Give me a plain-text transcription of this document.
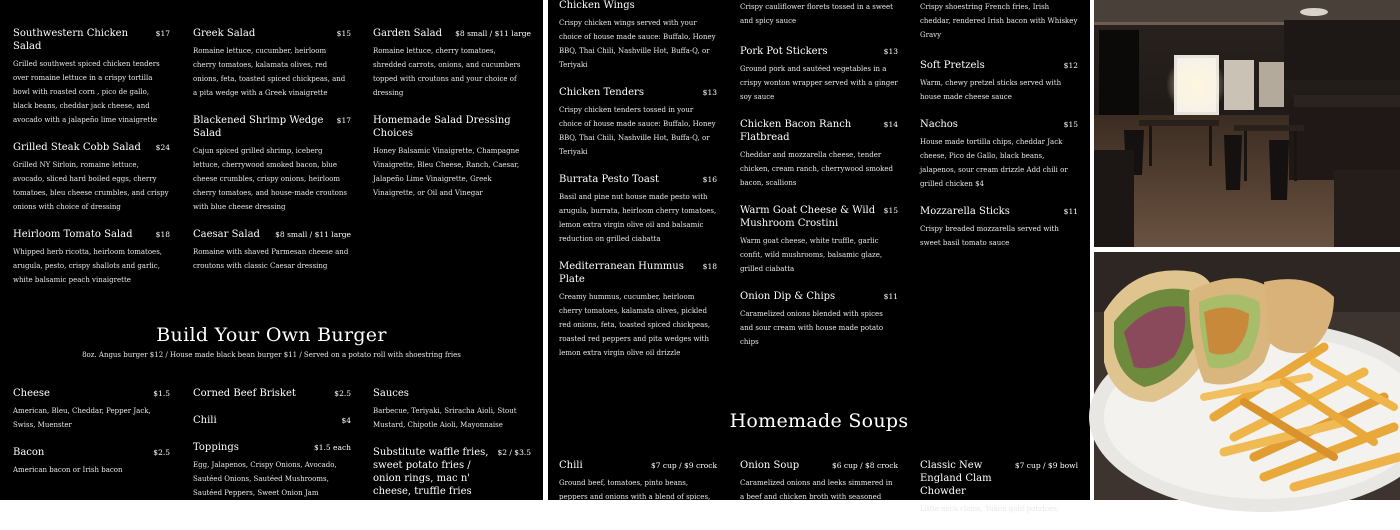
Southwestern Chicken Salad
$17
Grilled southwest spiced chicken tenders over romaine lettuce in a crispy tortilla bowl with roasted corn , pico de gallo, black beans, cheddar jack cheese, and avocado with a jalapeño lime vinaigrette
Grilled Steak Cobb Salad	$24
Grilled NY Sirloin, romaine lettuce, avocado, sliced hard boiled eggs, cherry tomatoes, bleu cheese crumbles, and crispy onions with choice of dressing
Heirloom Tomato Salad	$18
Whipped herb ricotta, heirloom tomatoes, arugula, pesto, crispy shallots and garlic, white balsamic peach vinaigrette
Greek Salad	$15
Romaine lettuce, cucumber, heirloom cherry tomatoes, kalamata olives, red onions, feta, toasted spiced chickpeas, and a pita wedge with a Greek vinaigrette
Blackened Shrimp Wedge Salad
$17
Cajun spiced grilled shrimp, iceberg lettuce, cherrywood smoked bacon, blue cheese crumbles, crispy onions, heirloom cherry tomatoes, and house-made croutons with blue cheese dressing
Caesar Salad	$8 small / $11 large
Romaine with shaved Parmesan cheese and croutons with classic Caesar dressing
Garden Salad	$8 small / $11 large
Romaine lettuce, cherry tomatoes, shredded carrots, onions, and cucumbers topped with croutons and your choice of dressing
Homemade Salad Dressing Choices
Honey Balsamic Vinaigrette, Champagne Vinaigrette, Bleu Cheese, Ranch, Caesar, Jalapeño Lime Vinaigrette, Greek Vinaigrette, or Oil and Vinegar
Build Your Own Burger
8oz. Angus burger $12 / House made black bean burger $11 / Served on a potato roll with shoestring fries
Cheese	$1.5
American, Bleu, Cheddar, Pepper Jack, Swiss, Muenster
Bacon	$2.5
American bacon or Irish bacon
Corned Beef Brisket	$2.5
Chili	$4
Toppings	$1.5 each
Egg, Jalapenos, Crispy Onions, Avocado, Sautéed Onions, Sautéed Mushrooms, Sautéed Peppers, Sweet Onion Jam
Sauces
Barbecue, Teriyaki, Sriracha Aioli, Stout Mustard, Chipotle Aioli, Mayonnaise
Substitute waffle fries, sweet potato fries / onion rings, mac n' cheese, truffle fries
$2 / $3.5
Chicken Wings
Crispy chicken wings served with your choice of house made sauce: Buffalo, Honey BBQ, Thai Chili, Nashville Hot, Buffa-Q, or Teriyaki
Chicken Tenders	$13
Crispy chicken tenders tossed in your choice of house made sauce: Buffalo, Honey BBQ, Thai Chili, Nashville Hot, Buffa-Q, or Teriyaki
Burrata Pesto Toast	$16
Basil and pine nut house made pesto with arugula, burrata, heirloom cherry tomatoes, lemon extra virgin olive oil and balsamic reduction on grilled ciabatta
Mediterranean Hummus Plate
$18
Creamy hummus, cucumber, heirloom cherry tomatoes, kalamata olives, pickled red onions, feta, toasted spiced chickpeas, roasted red peppers and pita wedges with lemon extra virgin olive oil drizzle
Crispy cauliflower florets tossed in a sweet and spicy sauce
Pork Pot Stickers	$13
Ground pork and sautéed vegetables in a crispy wonton wrapper served with a ginger soy sauce
Chicken Bacon Ranch Flatbread
$14
Cheddar and mozzarella cheese, tender chicken, cream ranch, cherrywood smoked bacon, scallions
Warm Goat Cheese & Wild Mushroom Crostini
$15
Warm goat cheese, white truffle, garlic confit, wild mushrooms, balsamic glaze, grilled ciabatta
Onion Dip & Chips	$11
Caramelized onions blended with spices and sour cream with house made potato chips
Crispy shoestring French fries, Irish cheddar, rendered Irish bacon with Whiskey Gravy
Soft Pretzels	$12
Warm, chewy pretzel sticks served with house made cheese sauce
Nachos	$15
House made tortilla chips, cheddar Jack cheese, Pico de Gallo, black beans, jalapenos, sour cream drizzle Add chili or grilled chicken $4
Mozzarella Sticks	$11
Crispy breaded mozzarella served with sweet basil tomato sauce
Homemade Soups
Chili	$7 cup / $9 crock
Ground beef, tomatoes, pinto beans, peppers and onions with a blend of spices,
Onion Soup	$6 cup / $8 crock
Caramelized onions and leeks simmered in a beef and chicken broth with seasoned
Classic New England Clam Chowder
$7 cup / $9 bowl
Little neck clams, Yukon gold potatoes,
